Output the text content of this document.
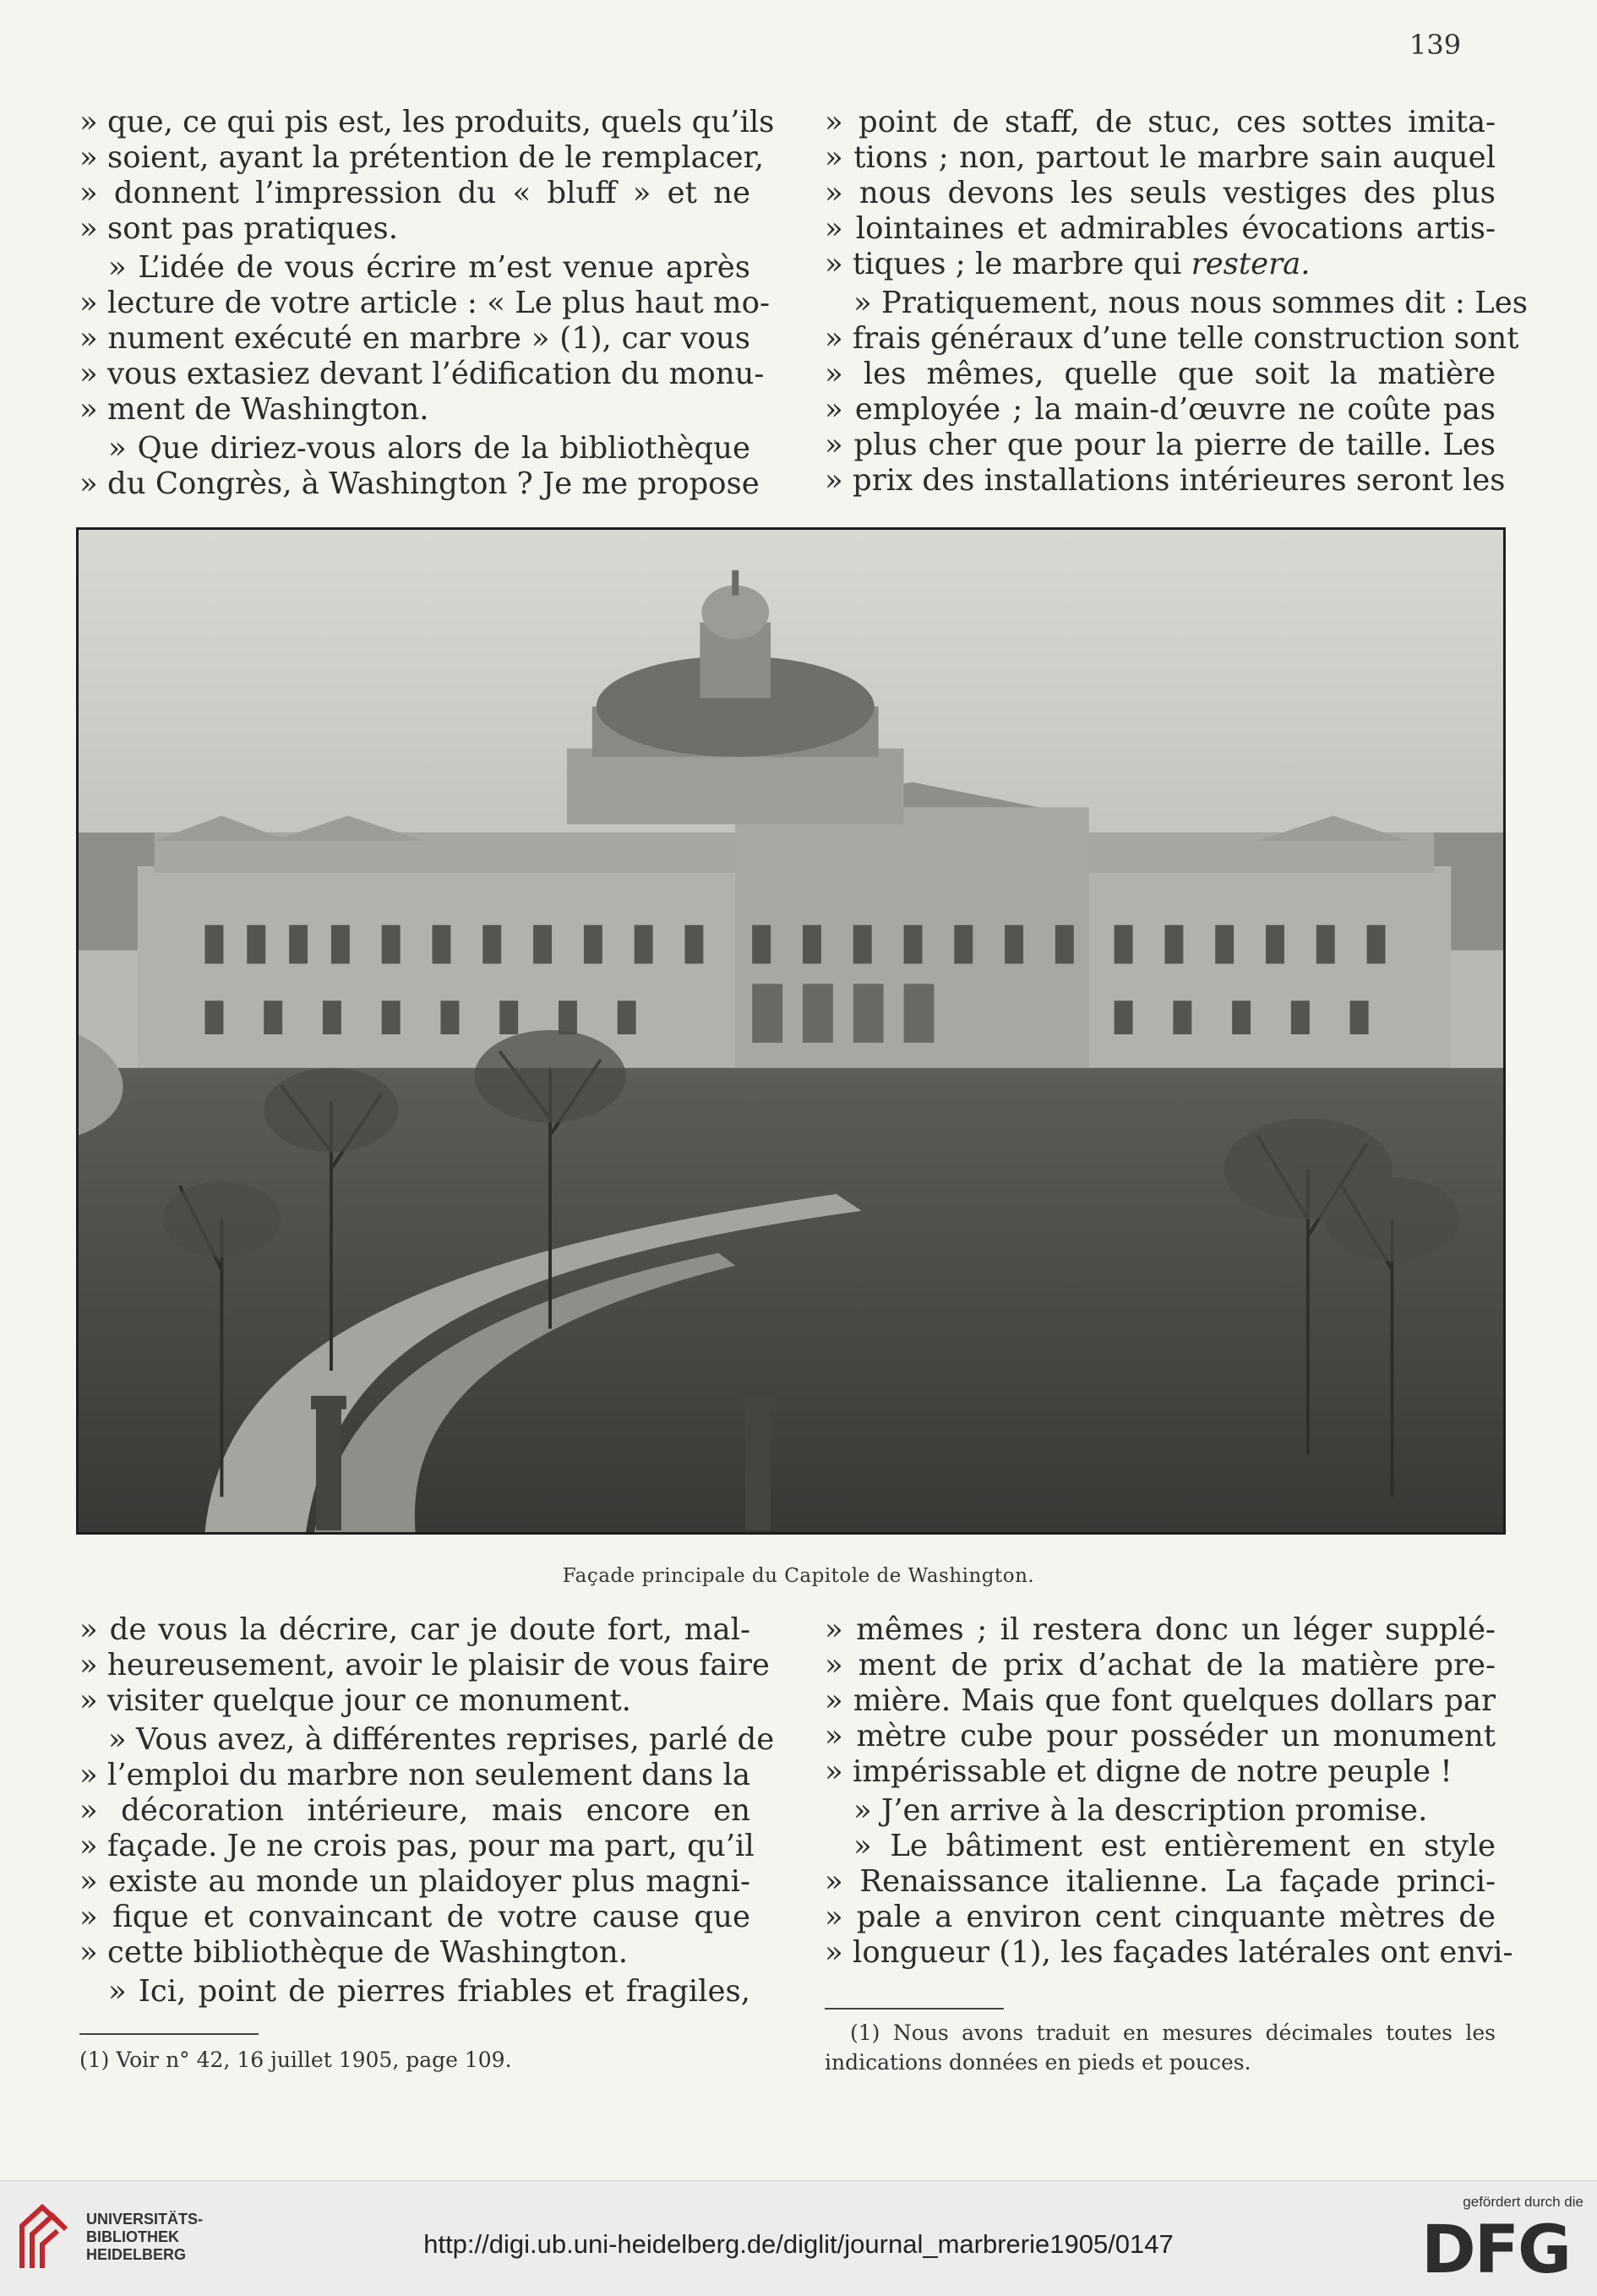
139
» que, ce qui pis est, les produits, quels qu’ils
» soient, ayant la prétention de le remplacer,
» donnent l’impression du « bluff » et ne
» sont pas pratiques.
» L’idée de vous écrire m’est venue après
» lecture de votre article : « Le plus haut mo-
» nument exécuté en marbre » (1), car vous
» vous extasiez devant l’édification du monu-
» ment de Washington.
» Que diriez-vous alors de la bibliothèque
» du Congrès, à Washington ? Je me propose
» point de staff, de stuc, ces sottes imita-
» tions ; non, partout le marbre sain auquel
» nous devons les seuls vestiges des plus
» lointaines et admirables évocations artis-
» tiques ; le marbre qui restera.
» Pratiquement, nous nous sommes dit : Les
» frais généraux d’une telle construction sont
» les mêmes, quelle que soit la matière
» employée ; la main-d’œuvre ne coûte pas
» plus cher que pour la pierre de taille. Les
» prix des installations intérieures seront les
Façade principale du Capitole de Washington.
» de vous la décrire, car je doute fort, mal-
» heureusement, avoir le plaisir de vous faire
» visiter quelque jour ce monument.
» Vous avez, à différentes reprises, parlé de
» l’emploi du marbre non seulement dans la
» décoration intérieure, mais encore en
» façade. Je ne crois pas, pour ma part, qu’il
» existe au monde un plaidoyer plus magni-
» fique et convaincant de votre cause que
» cette bibliothèque de Washington.
» Ici, point de pierres friables et fragiles,
» mêmes ; il restera donc un léger supplé-
» ment de prix d’achat de la matière pre-
» mière. Mais que font quelques dollars par
» mètre cube pour posséder un monument
» impérissable et digne de notre peuple !
» J’en arrive à la description promise.
» Le bâtiment est entièrement en style
» Renaissance italienne. La façade princi-
» pale a environ cent cinquante mètres de
» longueur (1), les façades latérales ont envi-
(1) Voir n° 42, 16 juillet 1905, page 109.
(1) Nous avons traduit en mesures décimales toutes les
indications données en pieds et pouces.
UNIVERSITÄTS-
BIBLIOTHEK
HEIDELBERG	http://digi.ub.uni-heidelberg.de/diglit/journal_marbrerie1905/0147
gefördert durch die
DFG
